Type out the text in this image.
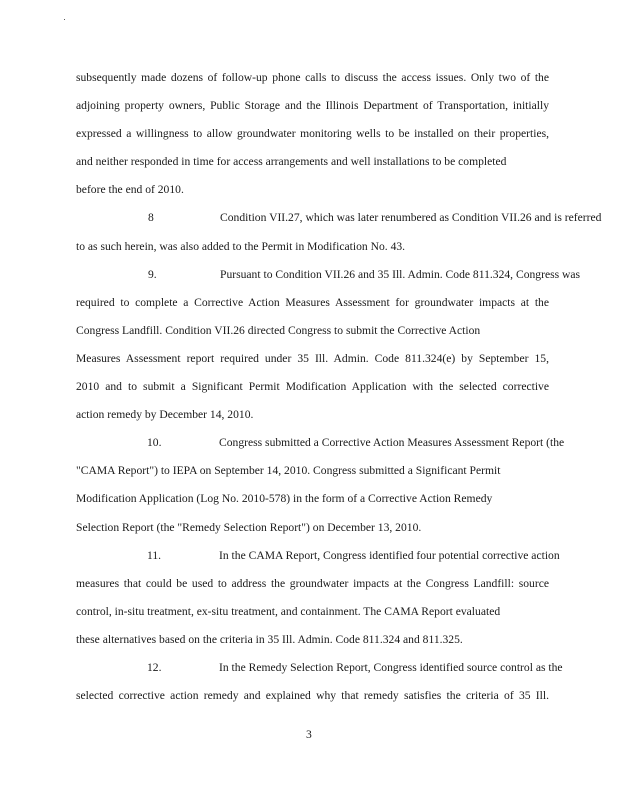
subsequently made dozens of follow-up phone calls to discuss the access issues. Only two of the
adjoining property owners, Public Storage and the Illinois Department of Transportation, initially
expressed a willingness to allow groundwater monitoring wells to be installed on their properties,
and neither responded in time for access arrangements and well installations to be completed
before the end of 2010.
8	Condition VII.27, which was later renumbered as Condition VII.26 and is referred
to as such herein, was also added to the Permit in Modification No. 43.
9.	Pursuant to Condition VII.26 and 35 Ill. Admin. Code 811.324, Congress was
required to complete a Corrective Action Measures Assessment for groundwater impacts at the
Congress Landfill. Condition VII.26 directed Congress to submit the Corrective Action
Measures Assessment report required under 35 Ill. Admin. Code 811.324(e) by September 15,
2010 and to submit a Significant Permit Modification Application with the selected corrective
action remedy by December 14, 2010.
10.	Congress submitted a Corrective Action Measures Assessment Report (the
"CAMA Report") to IEPA on September 14, 2010. Congress submitted a Significant Permit
Modification Application (Log No. 2010-578) in the form of a Corrective Action Remedy
Selection Report (the "Remedy Selection Report") on December 13, 2010.
11.	In the CAMA Report, Congress identified four potential corrective action
measures that could be used to address the groundwater impacts at the Congress Landfill: source
control, in-situ treatment, ex-situ treatment, and containment. The CAMA Report evaluated
these alternatives based on the criteria in 35 Ill. Admin. Code 811.324 and 811.325.
12.	In the Remedy Selection Report, Congress identified source control as the
selected corrective action remedy and explained why that remedy satisfies the criteria of 35 Ill.
3
